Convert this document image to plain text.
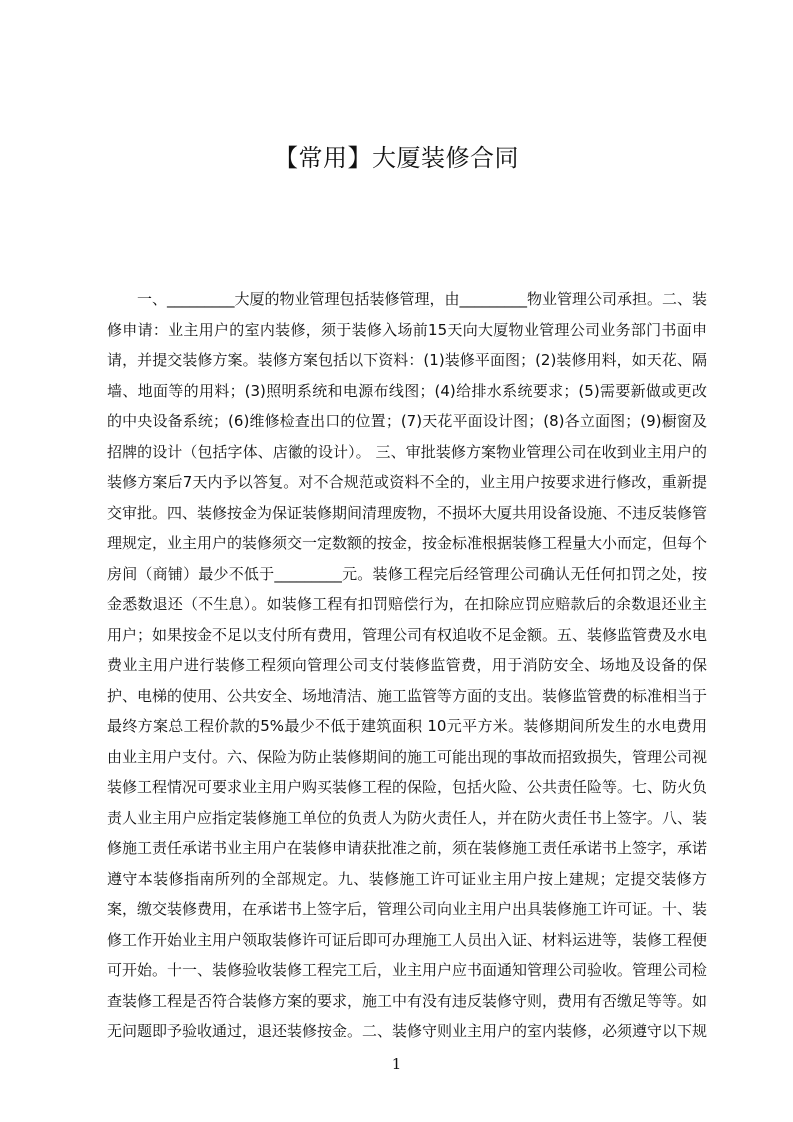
【常用】大厦装修合同

一、_________大厦的物业管理包括装修管理，由_________物业管理公司承担。二、装修申请：业主用户的室内装修，须于装修入场前15天向大厦物业管理公司业务部门书面申请，并提交装修方案。装修方案包括以下资料：(1)装修平面图；(2)装修用料，如天花、隔墙、地面等的用料；(3)照明系统和电源布线图；(4)给排水系统要求；(5)需要新做或更改的中央设备系统；(6)维修检查出口的位置；(7)天花平面设计图；(8)各立面图；(9)橱窗及招牌的设计（包括字体、店徽的设计）。 三、审批装修方案物业管理公司在收到业主用户的装修方案后7天内予以答复。对不合规范或资料不全的，业主用户按要求进行修改，重新提交审批。四、装修按金为保证装修期间清理废物，不损坏大厦共用设备设施、不违反装修管理规定，业主用户的装修须交一定数额的按金，按金标准根据装修工程量大小而定，但每个房间（商铺）最少不低于_________元。装修工程完后经管理公司确认无任何扣罚之处，按金悉数退还（不生息）。如装修工程有扣罚赔偿行为，在扣除应罚应赔款后的余数退还业主用户；如果按金不足以支付所有费用，管理公司有权追收不足金额。五、装修监管费及水电费业主用户进行装修工程须向管理公司支付装修监管费，用于消防安全、场地及设备的保护、电梯的使用、公共安全、场地清洁、施工监管等方面的支出。装修监管费的标准相当于最终方案总工程价款的5%最少不低于建筑面积 10元平方米。装修期间所发生的水电费用由业主用户支付。六、保险为防止装修期间的施工可能出现的事故而招致损失，管理公司视装修工程情况可要求业主用户购买装修工程的保险，包括火险、公共责任险等。七、防火负责人业主用户应指定装修施工单位的负责人为防火责任人，并在防火责任书上签字。八、装修施工责任承诺书业主用户在装修申请获批准之前，须在装修施工责任承诺书上签字，承诺遵守本装修指南所列的全部规定。九、装修施工许可证业主用户按上建规；定提交装修方案，缴交装修费用，在承诺书上签字后，管理公司向业主用户出具装修施工许可证。十、装修工作开始业主用户领取装修许可证后即可办理施工人员出入证、材料运进等，装修工程便可开始。十一、装修验收装修工程完工后，业主用户应书面通知管理公司验收。管理公司检查装修工程是否符合装修方案的要求，施工中有没有违反装修守则，费用有否缴足等等。如无问题即予验收通过，退还装修按金。二、装修守则业主用户的室内装修，必须遵守以下规

1
